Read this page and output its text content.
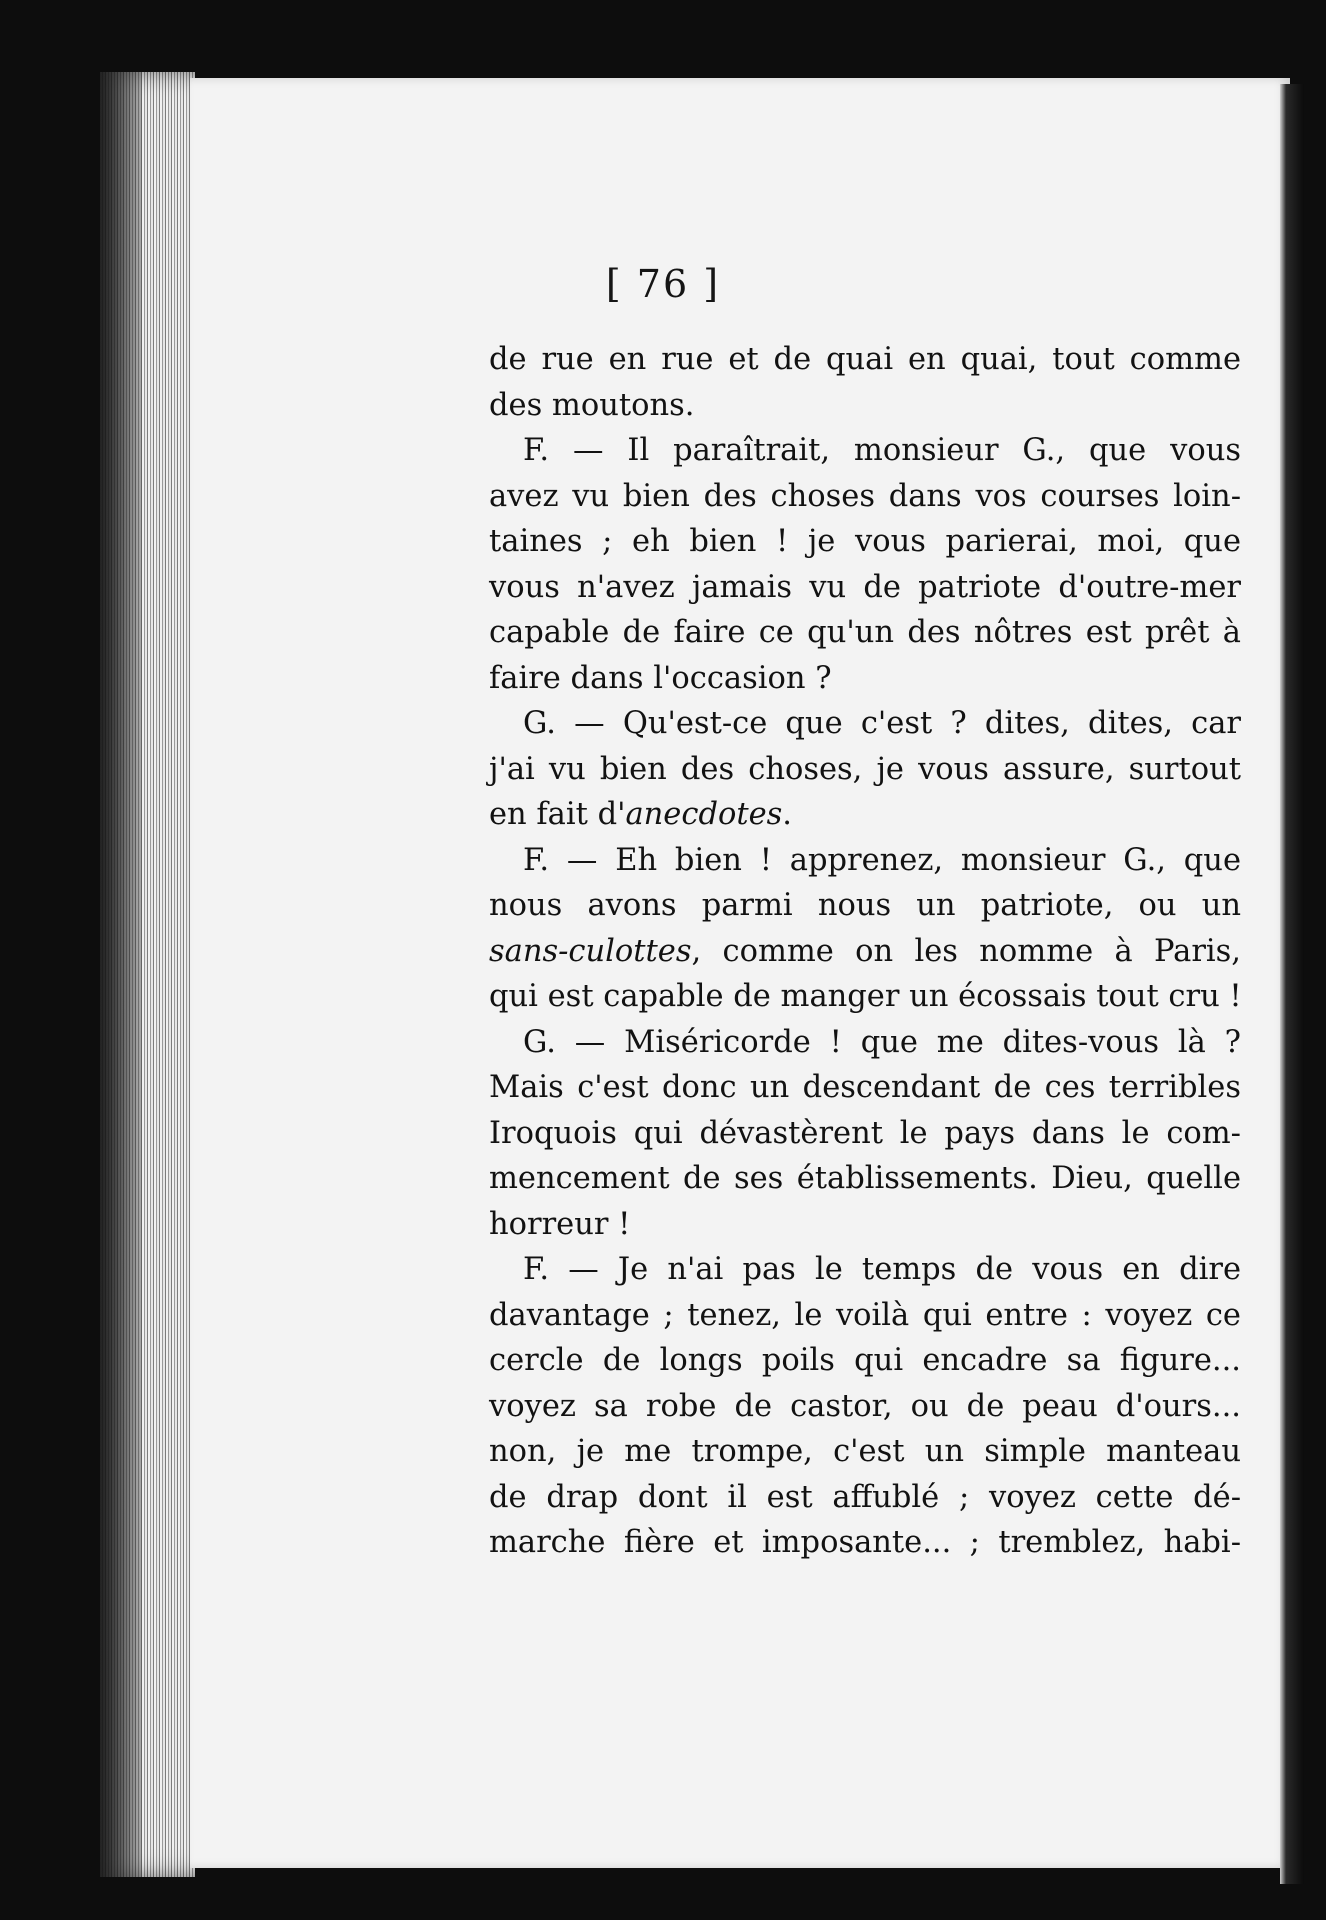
[ 76 ]

de rue en rue et de quai en quai, tout comme
des moutons.

F. — Il paraîtrait, monsieur G., que vous
avez vu bien des choses dans vos courses loin-
taines ; eh bien ! je vous parierai, moi, que
vous n'avez jamais vu de patriote d'outre-mer
capable de faire ce qu'un des nôtres est prêt à
faire dans l'occasion ?

G. — Qu'est-ce que c'est ? dites, dites, car
j'ai vu bien des choses, je vous assure, surtout
en fait d'anecdotes.

F. — Eh bien ! apprenez, monsieur G., que
nous avons parmi nous un patriote, ou un
sans-culottes, comme on les nomme à Paris,
qui est capable de manger un écossais tout cru !

G. — Miséricorde ! que me dites-vous là ?
Mais c'est donc un descendant de ces terribles
Iroquois qui dévastèrent le pays dans le com-
mencement de ses établissements. Dieu, quelle
horreur !

F. — Je n'ai pas le temps de vous en dire
davantage ; tenez, le voilà qui entre : voyez ce
cercle de longs poils qui encadre sa figure...
voyez sa robe de castor, ou de peau d'ours...
non, je me trompe, c'est un simple manteau
de drap dont il est affublé ; voyez cette dé-
marche fière et imposante... ; tremblez, habi-
